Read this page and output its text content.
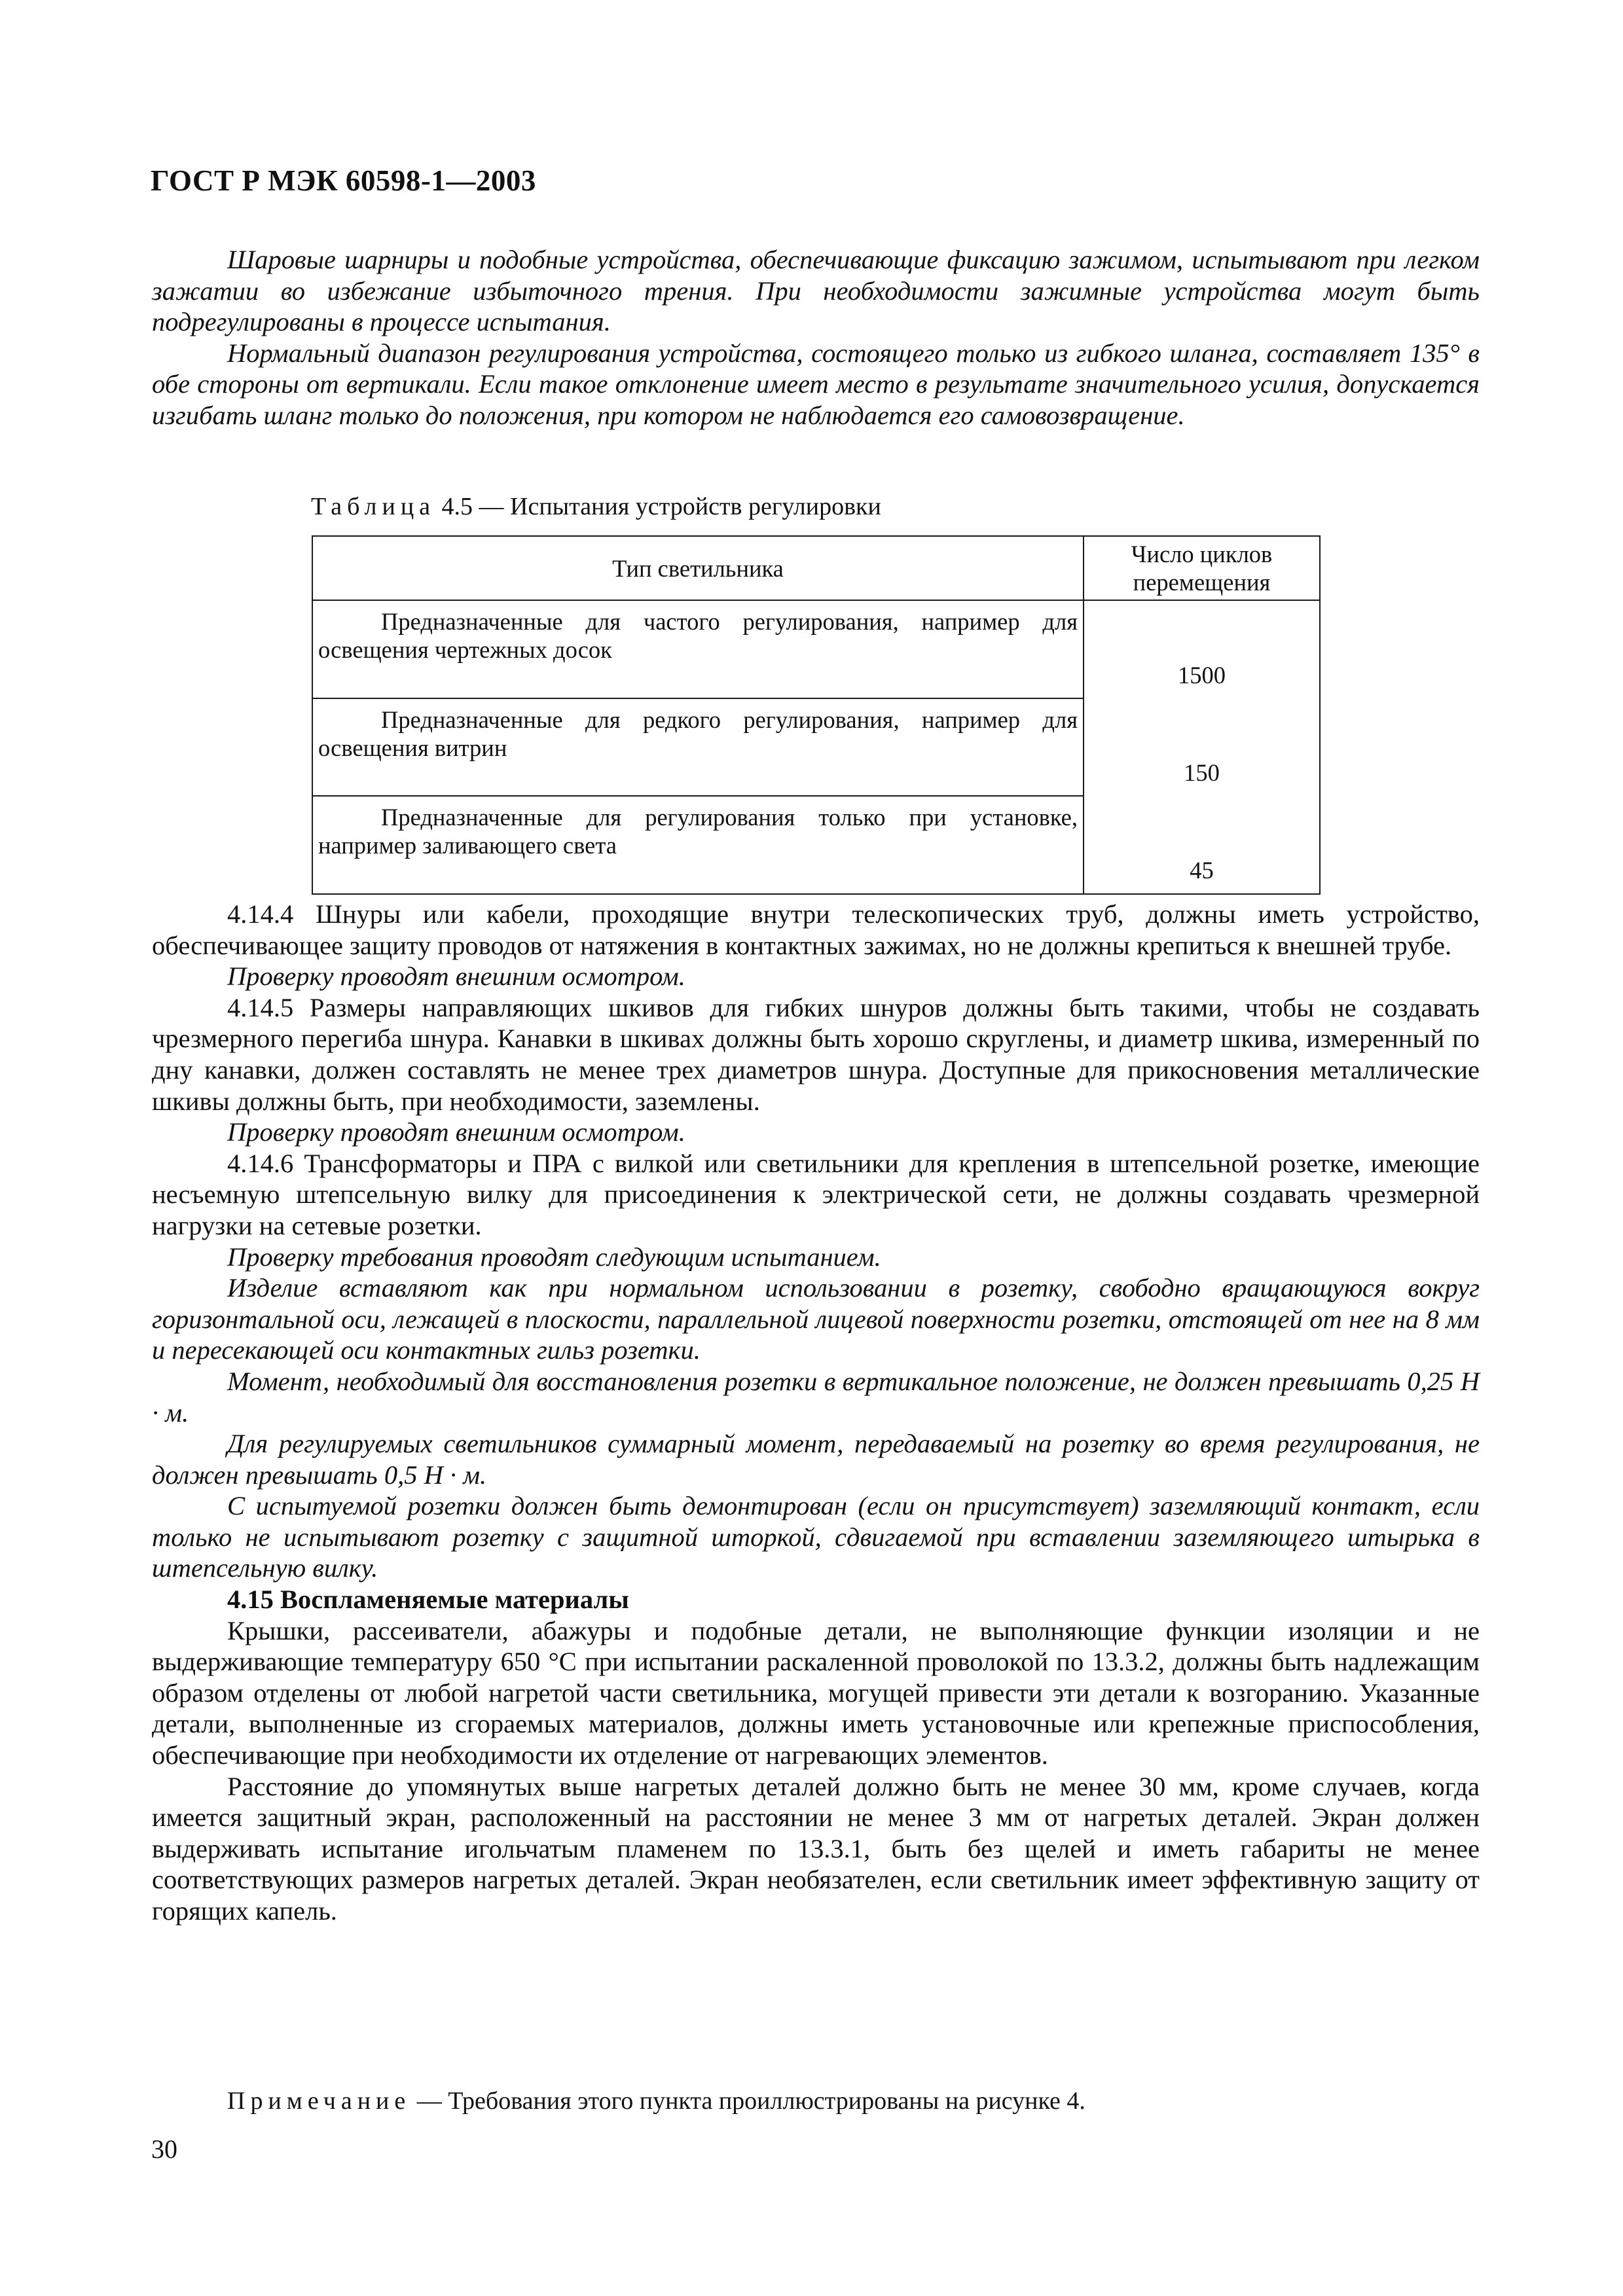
ГОСТ Р МЭК 60598-1—2003

Шаровые шарниры и подобные устройства, обеспечивающие фиксацию зажимом, испытывают при легком зажатии во избежание избыточного трения. При необходимости зажимные устройства могут быть подрегулированы в процессе испытания.

Нормальный диапазон регулирования устройства, состоящего только из гибкого шланга, составляет 135° в обе стороны от вертикали. Если такое отклонение имеет место в результате значительного усилия, допускается изгибать шланг только до положения, при котором не наблюдается его самовозвращение.

Таблица 4.5 — Испытания устройств регулировки
Тип светильника	Число циклов перемещения

Предназначенные для частого регулирования, например для освещения чертежных досок	1500

Предназначенные для редкого регулирования, например для освещения витрин	150

Предназначенные для регулирования только при установке, например заливающего света	45

4.14.4 Шнуры или кабели, проходящие внутри телескопических труб, должны иметь устройство, обеспечивающее защиту проводов от натяжения в контактных зажимах, но не должны крепиться к внешней трубе.

Проверку проводят внешним осмотром.

4.14.5 Размеры направляющих шкивов для гибких шнуров должны быть такими, чтобы не создавать чрезмерного перегиба шнура. Канавки в шкивах должны быть хорошо скруглены, и диаметр шкива, измеренный по дну канавки, должен составлять не менее трех диаметров шнура. Доступные для прикосновения металлические шкивы должны быть, при необходимости, заземлены.

Проверку проводят внешним осмотром.

4.14.6 Трансформаторы и ПРА с вилкой или светильники для крепления в штепсельной розетке, имеющие несъемную штепсельную вилку для присоединения к электрической сети, не должны создавать чрезмерной нагрузки на сетевые розетки.

Проверку требования проводят следующим испытанием.

Изделие вставляют как при нормальном использовании в розетку, свободно вращающуюся вокруг горизонтальной оси, лежащей в плоскости, параллельной лицевой поверхности розетки, отстоящей от нее на 8 мм и пересекающей оси контактных гильз розетки.

Момент, необходимый для восстановления розетки в вертикальное положение, не должен превышать 0,25 Н · м.

Для регулируемых светильников суммарный момент, передаваемый на розетку во время регулирования, не должен превышать 0,5 Н · м.

С испытуемой розетки должен быть демонтирован (если он присутствует) заземляющий контакт, если только не испытывают розетку с защитной шторкой, сдвигаемой при вставлении заземляющего штырька в штепсельную вилку.

4.15 Воспламеняемые материалы

Крышки, рассеиватели, абажуры и подобные детали, не выполняющие функции изоляции и не выдерживающие температуру 650 °С при испытании раскаленной проволокой по 13.3.2, должны быть надлежащим образом отделены от любой нагретой части светильника, могущей привести эти детали к возгоранию. Указанные детали, выполненные из сгораемых материалов, должны иметь установочные или крепежные приспособления, обеспечивающие при необходимости их отделение от нагревающих элементов.

Расстояние до упомянутых выше нагретых деталей должно быть не менее 30 мм, кроме случаев, когда имеется защитный экран, расположенный на расстоянии не менее 3 мм от нагретых деталей. Экран должен выдерживать испытание игольчатым пламенем по 13.3.1, быть без щелей и иметь габариты не менее соответствующих размеров нагретых деталей. Экран необязателен, если светильник имеет эффективную защиту от горящих капель.

Примечание — Требования этого пункта проиллюстрированы на рисунке 4.
30
